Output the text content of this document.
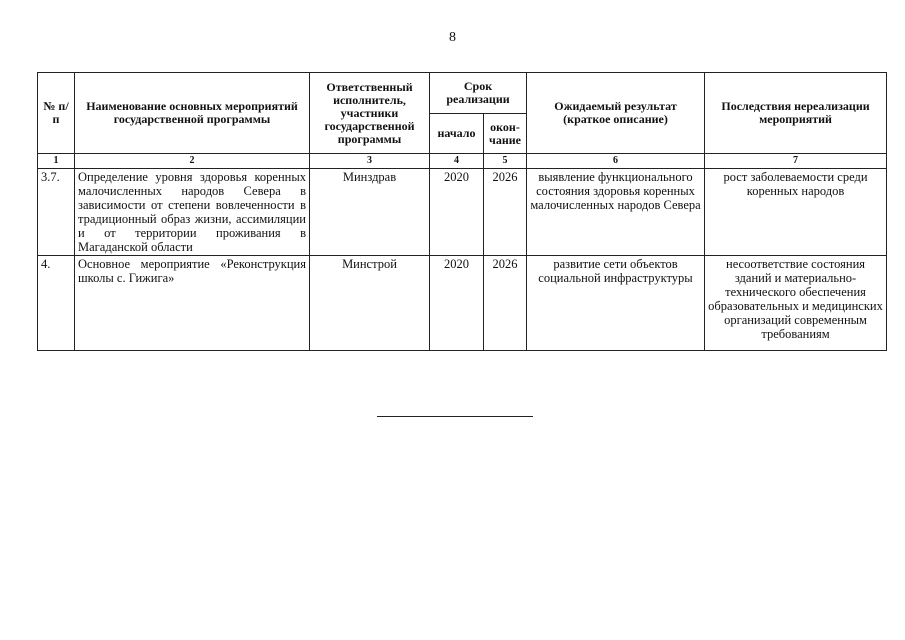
8
№ п/п	Наименование основных мероприятий государственной программы	Ответственный исполнитель, участники государственной программы	Срок реализации		Ожидаемый результат (краткое описание)	Последствия нереализации мероприятий
			начало	окон-чание		
1	2	3	4	5	6	7
3.7.	Определение уровня здоровья коренных малочисленных народов Севера в зависимости от степени вовлеченности в традиционный образ жизни, ассимиляции и от территории проживания в Магаданской области	Минздрав	2020	2026	выявление функционального состояния здоровья коренных малочисленных народов Севера	рост заболеваемости среди коренных народов
4.	Основное мероприятие «Реконструкция школы с. Гижига»	Минстрой	2020	2026	развитие сети объектов социальной инфраструктуры	несоответствие состояния зданий и материально-технического обеспечения образовательных и медицинских организаций современным требованиям
